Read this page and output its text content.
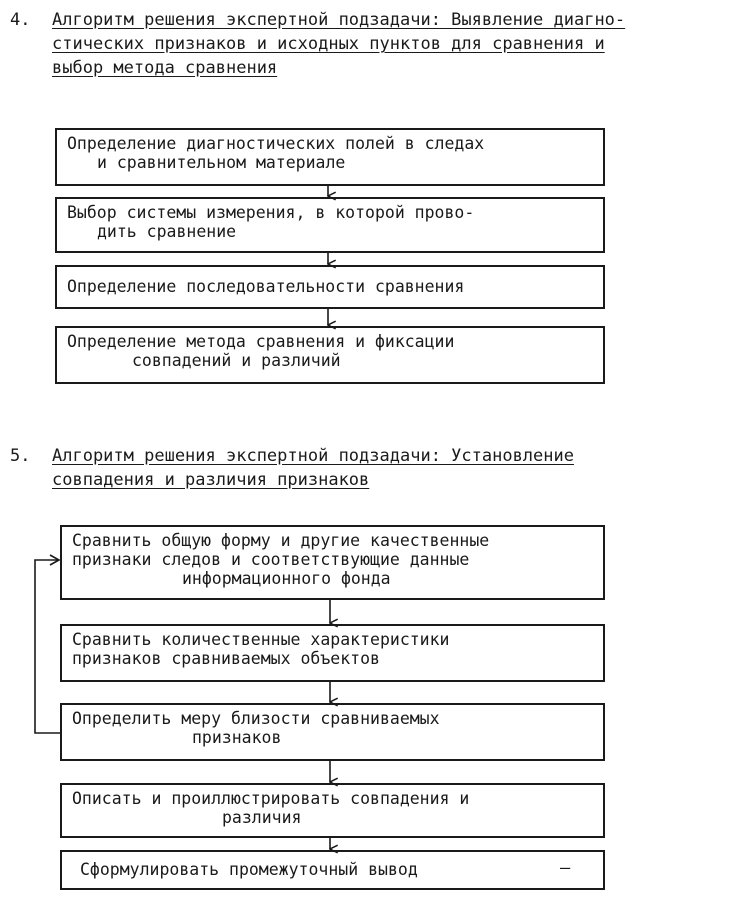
4.	Алгоритм решения экспертной подзадачи: Выявление диагно-
стических признаков и исходных пунктов для сравнения и
выбор метода сравнения
Определение диагностических полей в следах
и сравнительном материале
Выбор системы измерения, в которой прово-
дить сравнение
Определение последовательности сравнения
Определение метода сравнения и фиксации
совпадений и различий
5.	Алгоритм решения экспертной подзадачи: Установление
совпадения и различия признаков
Сравнить общую форму и другие качественные
признаки следов и соответствующие данные
информационного фонда
Сравнить количественные характеристики
признаков сравниваемых объектов
Определить меру близости сравниваемых
признаков
Описать и проиллюстрировать совпадения и
различия
Сформулировать промежуточный вывод	—
